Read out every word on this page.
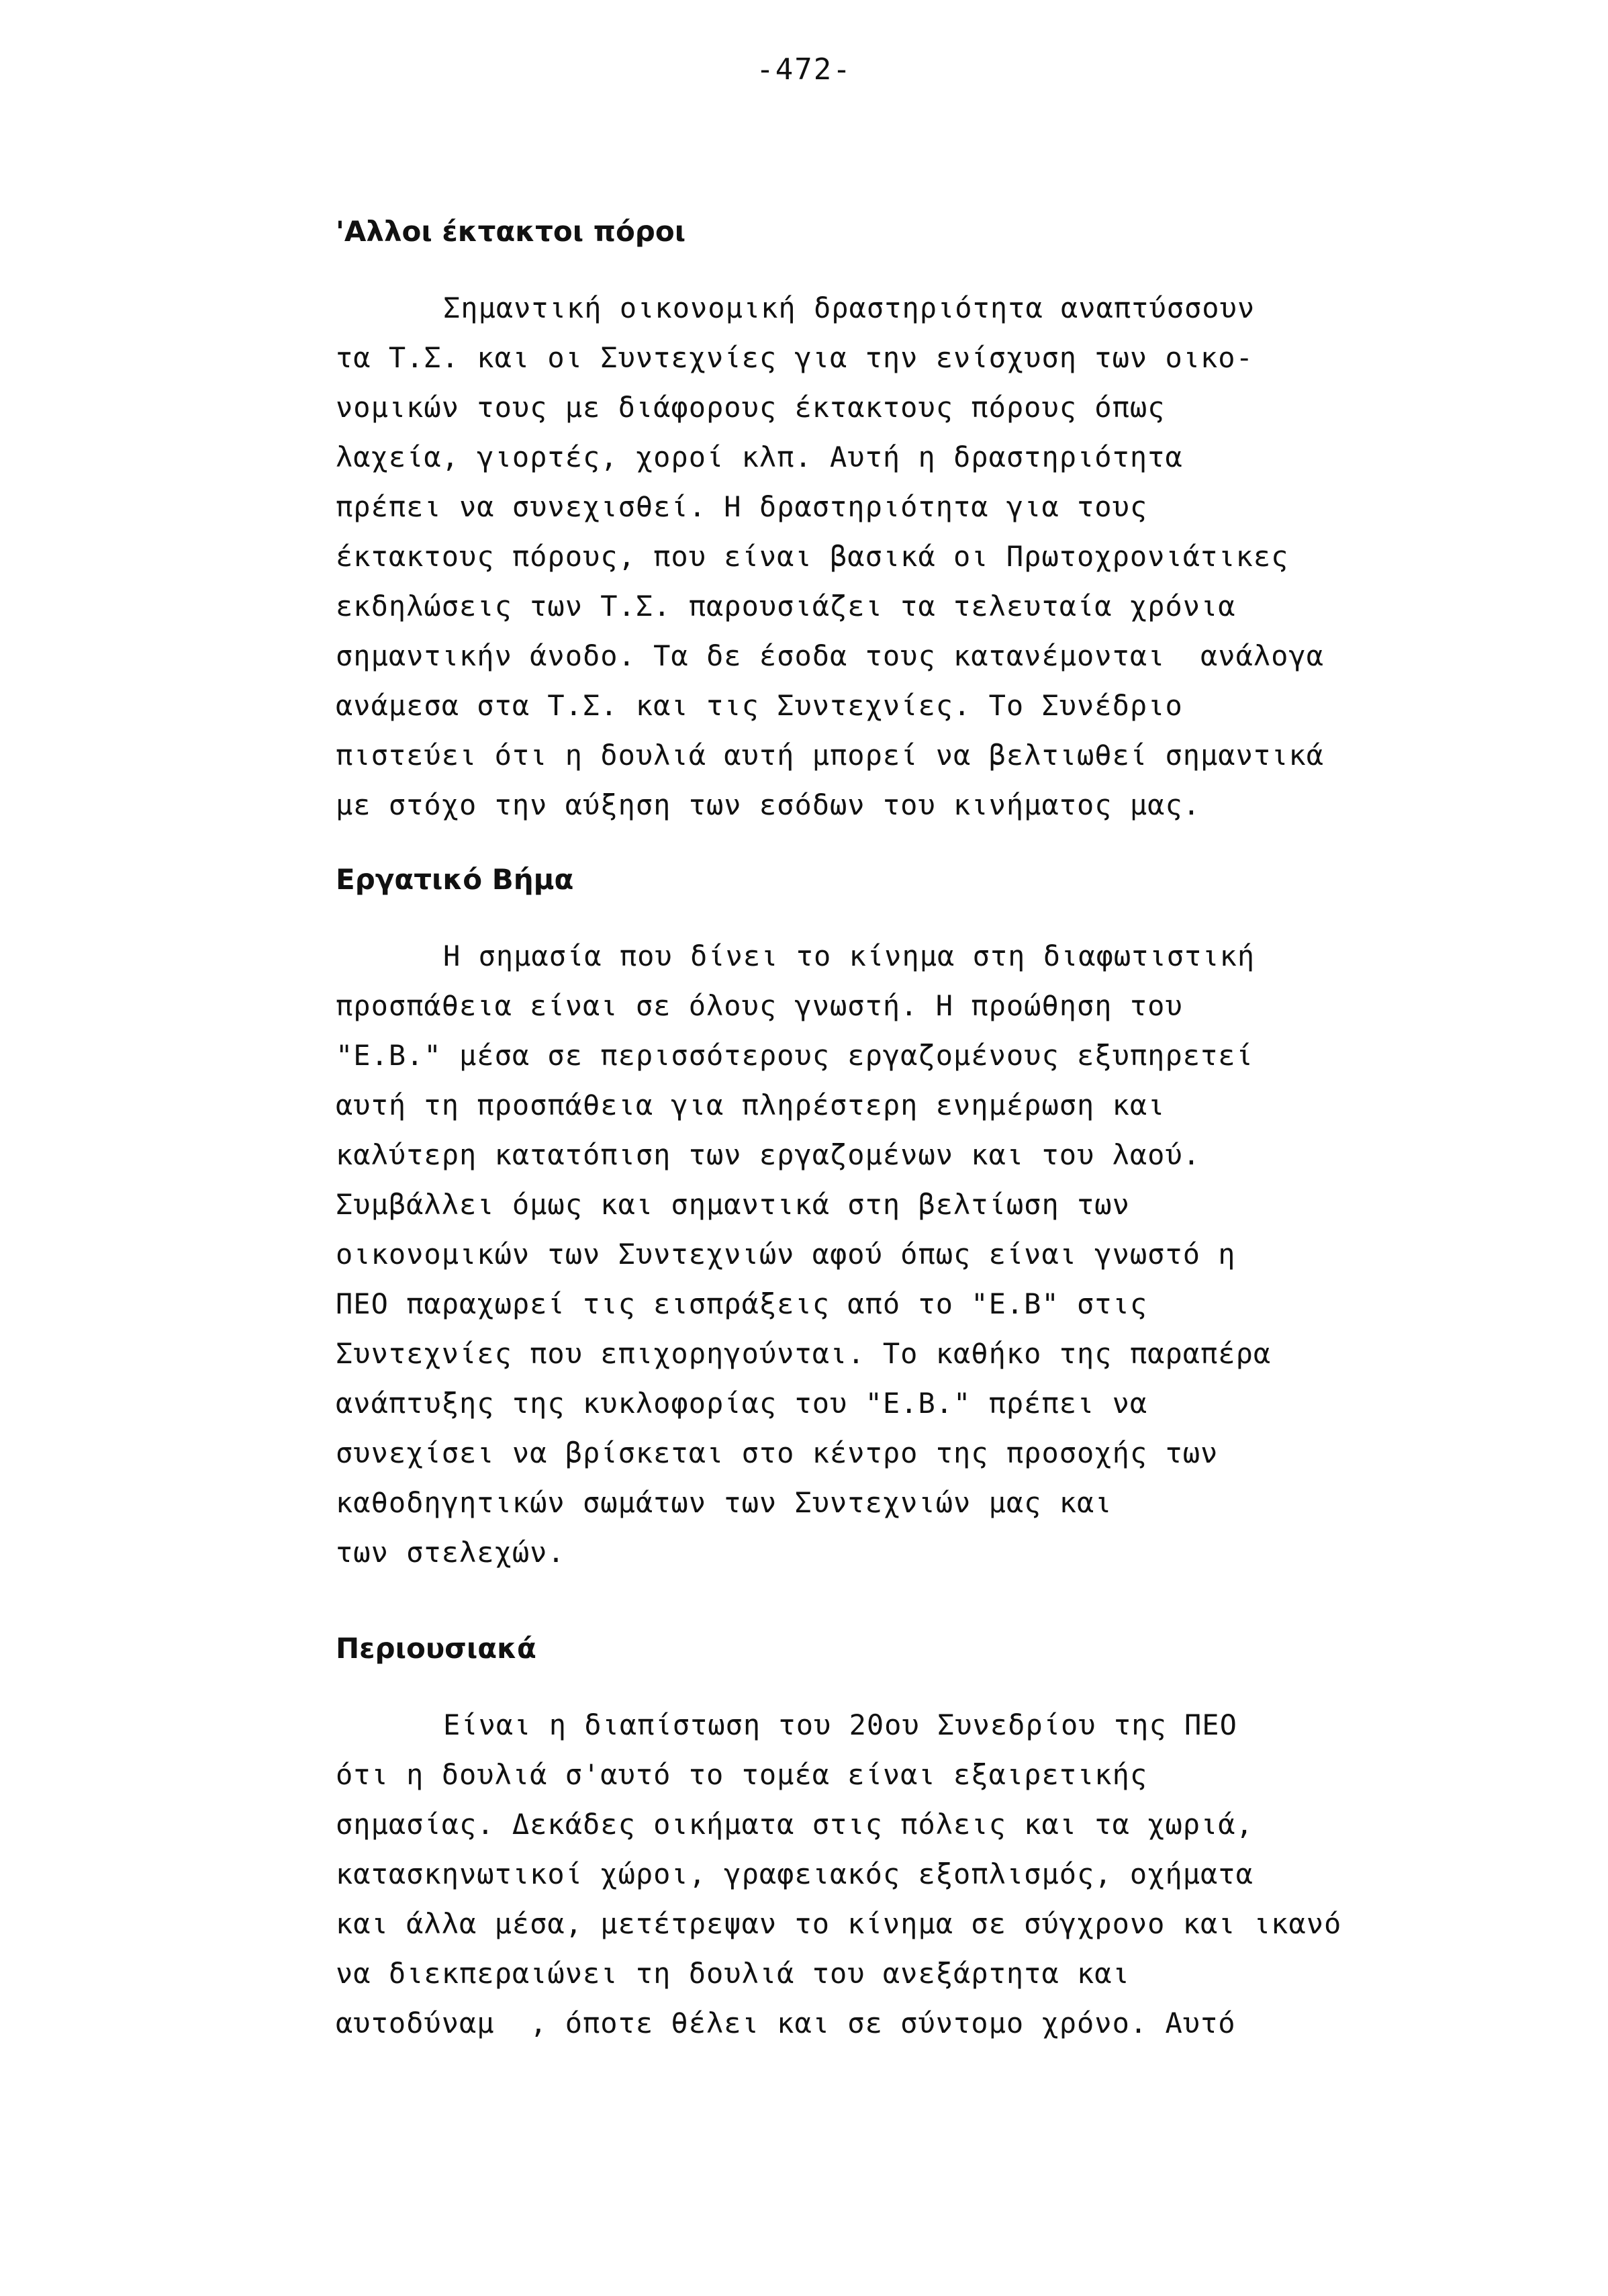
-472-

'Αλλοι έκτακτοι πόροι

Σημαντική οικονομική δραστηριότητα αναπτύσσουν

τα Τ.Σ. και οι Συντεχνίες για την ενίσχυση των οικο-

νομικών τους με διάφορους έκτακτους πόρους όπως

λαχεία, γιορτές, χοροί κλπ. Αυτή η δραστηριότητα

πρέπει να συνεχισθεί. Η δραστηριότητα για τους

έκτακτους πόρους, που είναι βασικά οι Πρωτοχρονιάτικες

εκδηλώσεις των Τ.Σ. παρουσιάζει τα τελευταία χρόνια

σημαντικήν άνοδο. Τα δε έσοδα τους κατανέμονται  ανάλογα

ανάμεσα στα Τ.Σ. και τις Συντεχνίες. Το Συνέδριο

πιστεύει ότι η δουλιά αυτή μπορεί να βελτιωθεί σημαντικά

με στόχο την αύξηση των εσόδων του κινήματος μας.

Εργατικό Βήμα

Η σημασία που δίνει το κίνημα στη διαφωτιστική

προσπάθεια είναι σε όλους γνωστή. Η προώθηση του

"Ε.Β." μέσα σε περισσότερους εργαζομένους εξυπηρετεί

αυτή τη προσπάθεια για πληρέστερη ενημέρωση και

καλύτερη κατατόπιση των εργαζομένων και του λαού.

Συμβάλλει όμως και σημαντικά στη βελτίωση των

οικονομικών των Συντεχνιών αφού όπως είναι γνωστό η

ΠΕΟ παραχωρεί τις εισπράξεις από το "Ε.Β" στις

Συντεχνίες που επιχορηγούνται. Το καθήκο της παραπέρα

ανάπτυξης της κυκλοφορίας του "Ε.Β." πρέπει να

συνεχίσει να βρίσκεται στο κέντρο της προσοχής των

καθοδηγητικών σωμάτων των Συντεχνιών μας και

των στελεχών.

Περιουσιακά

Είναι η διαπίστωση του 20ου Συνεδρίου της ΠΕΟ

ότι η δουλιά σ'αυτό το τομέα είναι εξαιρετικής

σημασίας. Δεκάδες οικήματα στις πόλεις και τα χωριά,

κατασκηνωτικοί χώροι, γραφειακός εξοπλισμός, οχήματα

και άλλα μέσα, μετέτρεψαν το κίνημα σε σύγχρονο και ικανό

να διεκπεραιώνει τη δουλιά του ανεξάρτητα και

αυτοδύναμ  , όποτε θέλει και σε σύντομο χρόνο. Αυτό
